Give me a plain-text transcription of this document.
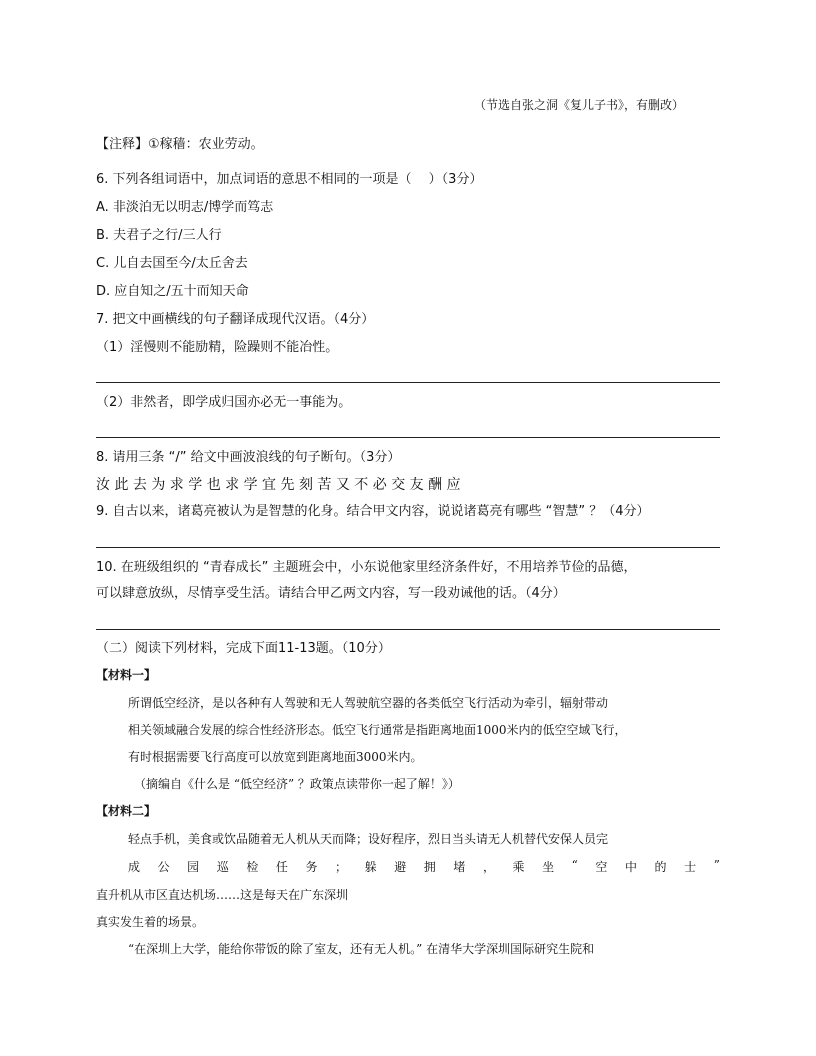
（节选自张之洞《复儿子书》，有删改）
【注释】①稼穑：农业劳动。
6. 下列各组词语中，加点词语的意思不相同的一项是（　 ）（3分）
A. 非淡泊无以明志/博学而笃志
B. 夫君子之行/三人行
C. 儿自去国至今/太丘舍去
D. 应自知之/五十而知天命
7. 把文中画横线的句子翻译成现代汉语。（4分）
（1）淫慢则不能励精，险躁则不能冶性。
（2）非然者，即学成归国亦必无一事能为。
8. 请用三条 “/” 给文中画波浪线的句子断句。（3分）
汝 此 去 为 求 学 也 求 学 宜 先 刻 苦 又 不 必 交 友 酬 应
9. 自古以来，诸葛亮被认为是智慧的化身。结合甲文内容，说说诸葛亮有哪些 “智慧” ？（4分）
10. 在班级组织的 “青春成长” 主题班会中，小东说他家里经济条件好，不用培养节俭的品德，
可以肆意放纵，尽情享受生活。请结合甲乙两文内容，写一段劝诫他的话。（4分）
（二）阅读下列材料，完成下面11-13题。（10分）
【材料一】
所谓低空经济，是以各种有人驾驶和无人驾驶航空器的各类低空飞行活动为牵引，辐射带动
相关领域融合发展的综合性经济形态。低空飞行通常是指距离地面1000米内的低空空域飞行，
有时根据需要飞行高度可以放宽到距离地面3000米内。
（摘编自《什么是 “低空经济” ？政策点读带你一起了解！》）
【材料二】
轻点手机，美食或饮品随着无人机从天而降；设好程序，烈日当头请无人机替代安保人员完
成 公 园 巡 检 任 务 ； 躲 避 拥 堵 ， 乘 坐 “ 空 中 的 士 ”
直升机从市区直达机场……这是每天在广东深圳
真实发生着的场景。
“在深圳上大学，能给你带饭的除了室友，还有无人机。” 在清华大学深圳国际研究生院和
